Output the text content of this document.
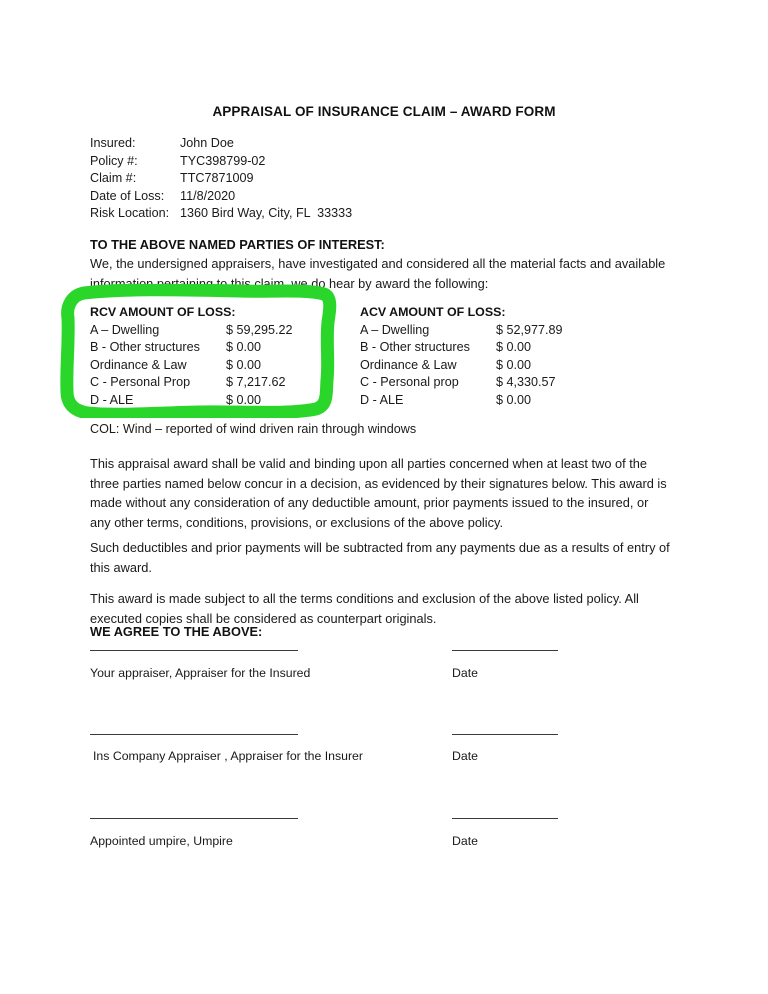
APPRAISAL OF INSURANCE CLAIM – AWARD FORM
Insured:	John Doe
Policy #:	TYC398799-02
Claim #:	TTC7871009
Date of Loss:	11/8/2020
Risk Location: 1360 Bird Way, City, FL  33333
TO THE ABOVE NAMED PARTIES OF INTEREST:
We, the undersigned appraisers, have investigated and considered all the material facts and available information pertaining to this claim, we do hear by award the following:
RCV AMOUNT OF LOSS:
A – Dwelling	$ 59,295.22
B - Other structures	$ 0.00
Ordinance & Law	$ 0.00
C - Personal Prop	$ 7,217.62
D - ALE	$ 0.00
ACV AMOUNT OF LOSS:
A – Dwelling	$ 52,977.89
B - Other structures	$ 0.00
Ordinance & Law	$ 0.00
C - Personal prop	$ 4,330.57
D - ALE	$ 0.00
COL: Wind – reported of wind driven rain through windows
This appraisal award shall be valid and binding upon all parties concerned when at least two of the three parties named below concur in a decision, as evidenced by their signatures below. This award is made without any consideration of any deductible amount, prior payments issued to the insured, or any other terms, conditions, provisions, or exclusions of the above policy.
Such deductibles and prior payments will be subtracted from any payments due as a results of entry of this award.
This award is made subject to all the terms conditions and exclusion of the above listed policy. All executed copies shall be considered as counterpart originals.
WE AGREE TO THE ABOVE:
Your appraiser, Appraiser for the Insured	Date
Ins Company Appraiser , Appraiser for the Insurer	Date
Appointed umpire, Umpire	Date
